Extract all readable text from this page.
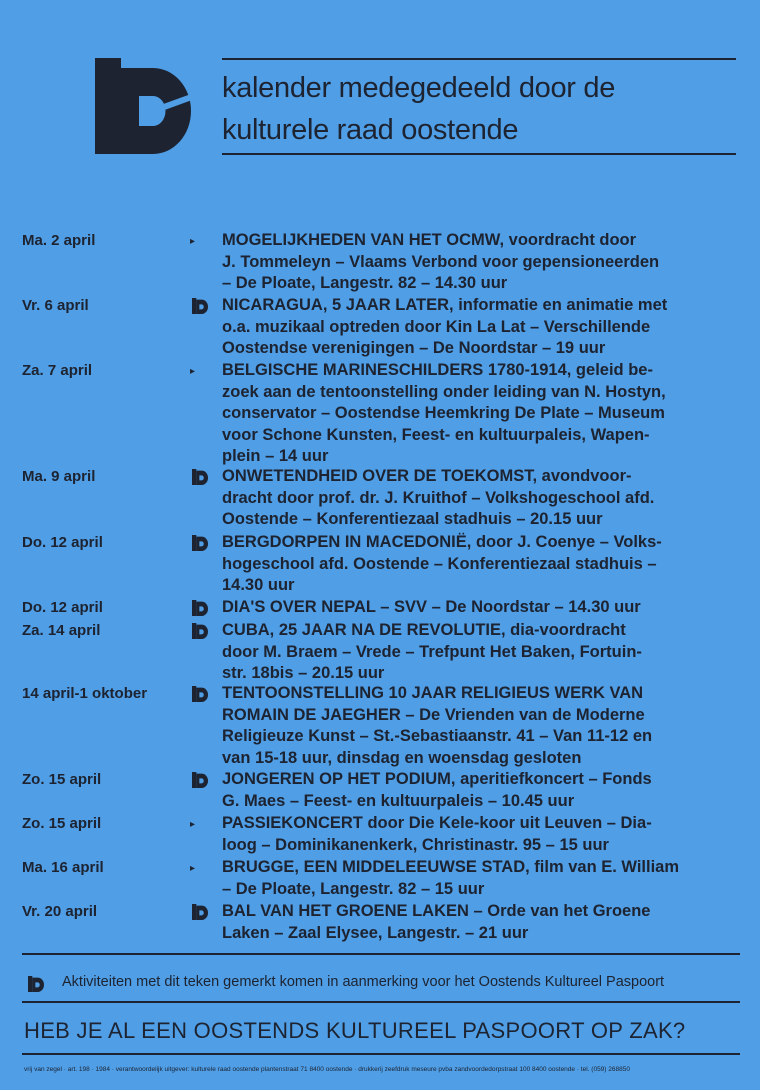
kalender medegedeeld door de
kulturele raad oostende
Ma. 2 april	▸ MOGELIJKHEDEN VAN HET OCMW, voordracht door
J. Tommeleyn – Vlaams Verbond voor gepensioneerden
– De Ploate, Langestr. 82 – 14.30 uur
Vr. 6 april	NICARAGUA, 5 JAAR LATER, informatie en animatie met
o.a. muzikaal optreden door Kin La Lat – Verschillende
Oostendse verenigingen – De Noordstar – 19 uur
Za. 7 april	▸ BELGISCHE MARINESCHILDERS 1780-1914, geleid be-
zoek aan de tentoonstelling onder leiding van N. Hostyn,
conservator – Oostendse Heemkring De Plate – Museum
voor Schone Kunsten, Feest- en kultuurpaleis, Wapen-
plein – 14 uur
Ma. 9 april	ONWETENDHEID OVER DE TOEKOMST, avondvoor-
dracht door prof. dr. J. Kruithof – Volkshogeschool afd.
Oostende – Konferentiezaal stadhuis – 20.15 uur
Do. 12 april	BERGDORPEN IN MACEDONIË, door J. Coenye – Volks-
hogeschool afd. Oostende – Konferentiezaal stadhuis –
14.30 uur
Do. 12 april	DIA'S OVER NEPAL – SVV – De Noordstar – 14.30 uur
Za. 14 april	CUBA, 25 JAAR NA DE REVOLUTIE, dia-voordracht
door M. Braem – Vrede – Trefpunt Het Baken, Fortuin-
str. 18bis – 20.15 uur
14 april-1 oktober	TENTOONSTELLING 10 JAAR RELIGIEUS WERK VAN
ROMAIN DE JAEGHER – De Vrienden van de Moderne
Religieuze Kunst – St.-Sebastiaanstr. 41 – Van 11-12 en
van 15-18 uur, dinsdag en woensdag gesloten
Zo. 15 april	JONGEREN OP HET PODIUM, aperitiefkoncert – Fonds
G. Maes – Feest- en kultuurpaleis – 10.45 uur
Zo. 15 april	▸ PASSIEKONCERT door Die Kele-koor uit Leuven – Dia-
loog – Dominikanenkerk, Christinastr. 95 – 15 uur
Ma. 16 april	▸ BRUGGE, EEN MIDDELEEUWSE STAD, film van E. William
– De Ploate, Langestr. 82 – 15 uur
Vr. 20 april	BAL VAN HET GROENE LAKEN – Orde van het Groene
Laken – Zaal Elysee, Langestr. – 21 uur
Aktiviteiten met dit teken gemerkt komen in aanmerking voor het Oostends Kultureel Paspoort
HEB JE AL EEN OOSTENDS KULTUREEL PASPOORT OP ZAK?
vrij van zegel · art. 198 · 1984 · verantwoordelijk uitgever: kulturele raad oostende plantenstraat 71 8400 oostende · drukkerij zeefdruk meseure pvba zandvoordedorpstraat 100 8400 oostende · tel. (059) 268850
